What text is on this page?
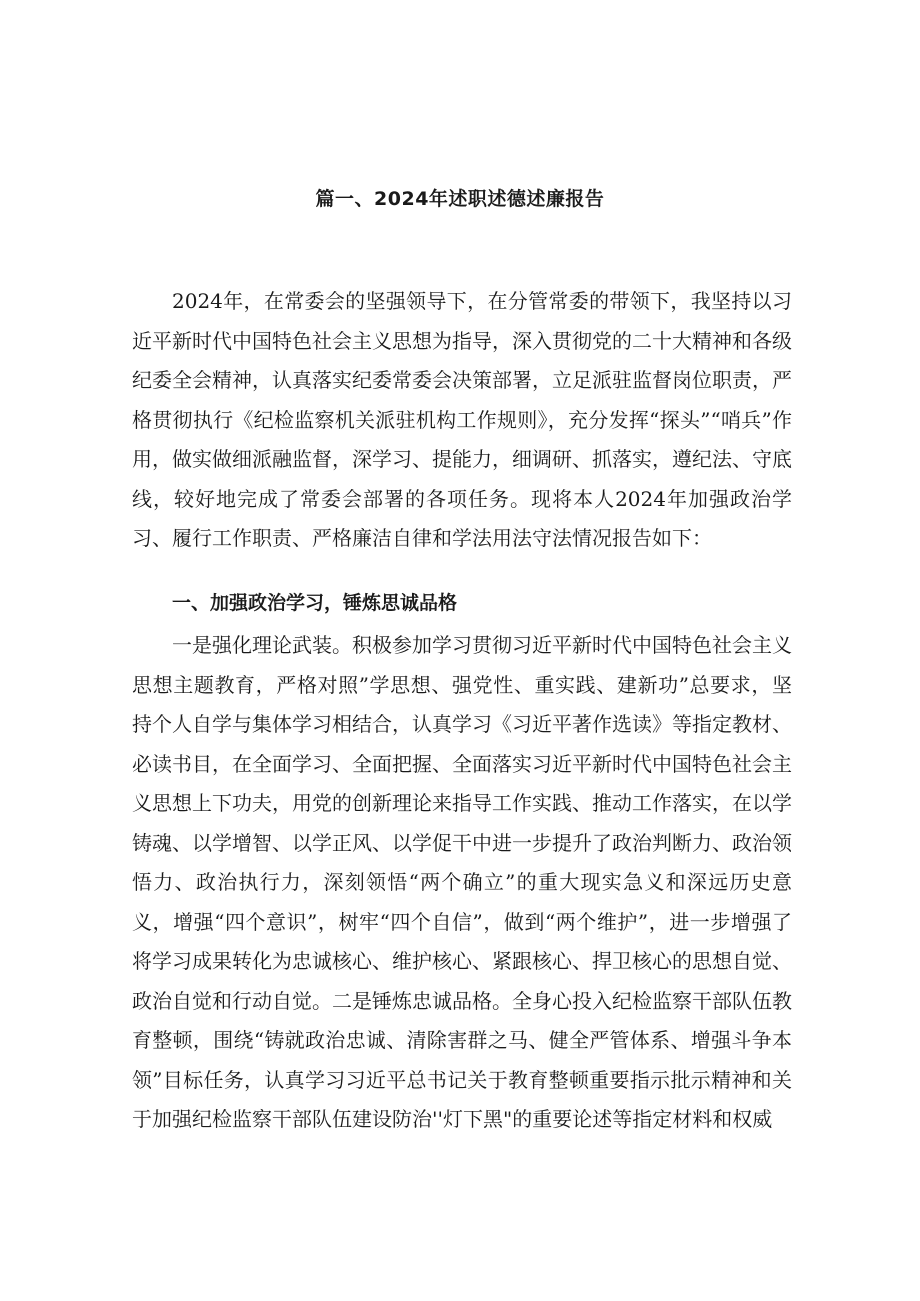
篇一、2024年述职述德述廉报告

2024年，在常委会的坚强领导下，在分管常委的带领下，我坚持以习近平新时代中国特色社会主义思想为指导，深入贯彻党的二十大精神和各级纪委全会精神，认真落实纪委常委会决策部署，立足派驻监督岗位职责，严格贯彻执行《纪检监察机关派驻机构工作规则》，充分发挥“探头”“哨兵”作用，做实做细派融监督，深学习、提能力，细调研、抓落实，遵纪法、守底线，较好地完成了常委会部署的各项任务。现将本人2024年加强政治学习、履行工作职责、严格廉洁自律和学法用法守法情况报告如下：

一、加强政治学习，锤炼思诚品格

一是强化理论武装。积极参加学习贯彻习近平新时代中国特色社会主义思想主题教育，严格对照”学思想、强党性、重实践、建新功”总要求，坚持个人自学与集体学习相结合，认真学习《习近平著作选读》等指定教材、必读书目，在全面学习、全面把握、全面落实习近平新时代中国特色社会主义思想上下功夫，用党的创新理论来指导工作实践、推动工作落实，在以学铸魂、以学增智、以学正风、以学促干中进一步提升了政治判断力、政治领悟力、政治执行力，深刻领悟“两个确立”的重大现实急义和深远历史意义，增强“四个意识”，树牢“四个自信”，做到“两个维护”，进一步增强了将学习成果转化为忠诚核心、维护核心、紧跟核心、捍卫核心的思想自觉、政治自觉和行动自觉。二是锤炼忠诚品格。全身心投入纪检监察干部队伍教育整顿，围绕“铸就政治忠诚、清除害群之马、健全严管体系、增强斗争本领”目标任务，认真学习习近平总书记关于教育整顿重要指示批示精神和关于加强纪检监察干部队伍建设防治''灯下黑"的重要论述等指定材料和权威
